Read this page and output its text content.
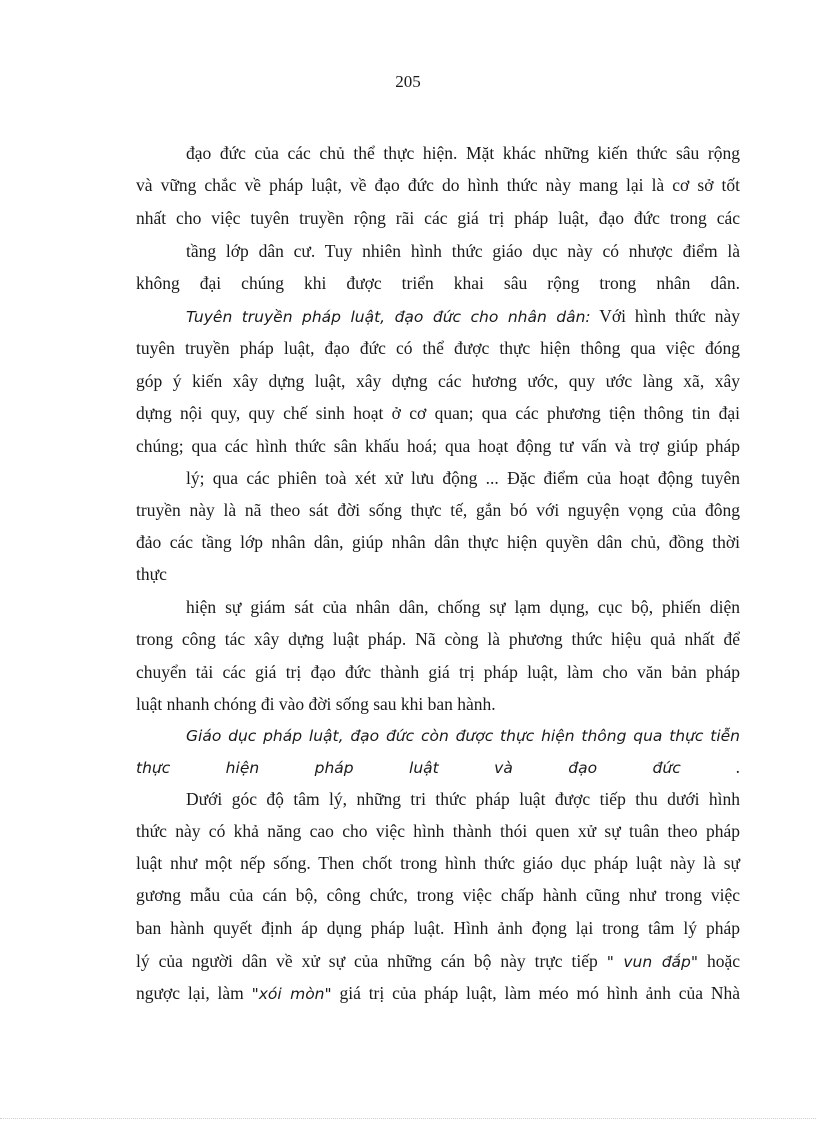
205
đạo đức của các chủ thể thực hiện. Mặt khác những kiến thức sâu rộng
và vững chắc về pháp luật, về đạo đức do hình thức này mang lại là cơ sở tốt
nhất cho việc tuyên truyền rộng rãi các giá trị pháp luật, đạo đức trong các
tầng lớp dân cư. Tuy nhiên hình thức giáo dục này có nhược điểm là
không đại chúng khi được triển khai sâu rộng trong nhân dân.
Tuyên truyền pháp luật, đạo đức cho nhân dân: Với hình thức này
tuyên truyền pháp luật, đạo đức có thể được thực hiện thông qua việc đóng
góp ý kiến xây dựng luật, xây dựng các hương ước, quy ước làng xã, xây
dựng nội quy, quy chế sinh hoạt ở cơ quan; qua các phương tiện thông tin đại
chúng; qua các hình thức sân khấu hoá; qua hoạt động tư vấn và trợ giúp pháp
lý; qua các phiên toà xét xử lưu động ... Đặc điểm của hoạt động tuyên
truyền này là nã theo sát đời sống thực tế, gắn bó với nguyện vọng của đông
đảo các tầng lớp nhân dân, giúp nhân dân thực hiện quyền dân chủ, đồng thời
thực
hiện sự giám sát của nhân dân, chống sự lạm dụng, cục bộ, phiến diện
trong công tác xây dựng luật pháp. Nã còng là phương thức hiệu quả nhất để
chuyển tải các giá trị đạo đức thành giá trị pháp luật, làm cho văn bản pháp
luật nhanh chóng đi vào đời sống sau khi ban hành.
Giáo dục pháp luật, đạo đức còn được thực hiện thông qua thực tiễn
thực hiện pháp luật và đạo đức	.
Dưới góc độ tâm lý, những tri thức pháp luật được tiếp thu dưới hình
thức này có khả năng cao cho việc hình thành thói quen xử sự tuân theo pháp
luật như một nếp sống. Then chốt trong hình thức giáo dục pháp luật này là sự
gương mẫu của cán bộ, công chức, trong việc chấp hành cũng như trong việc
ban hành quyết định áp dụng pháp luật. Hình ảnh đọng lại trong tâm lý pháp
lý của người dân về xử sự của những cán bộ này trực tiếp " vun đắp" hoặc
ngược lại, làm "xói mòn" giá trị của pháp luật, làm méo mó hình ảnh của Nhà
